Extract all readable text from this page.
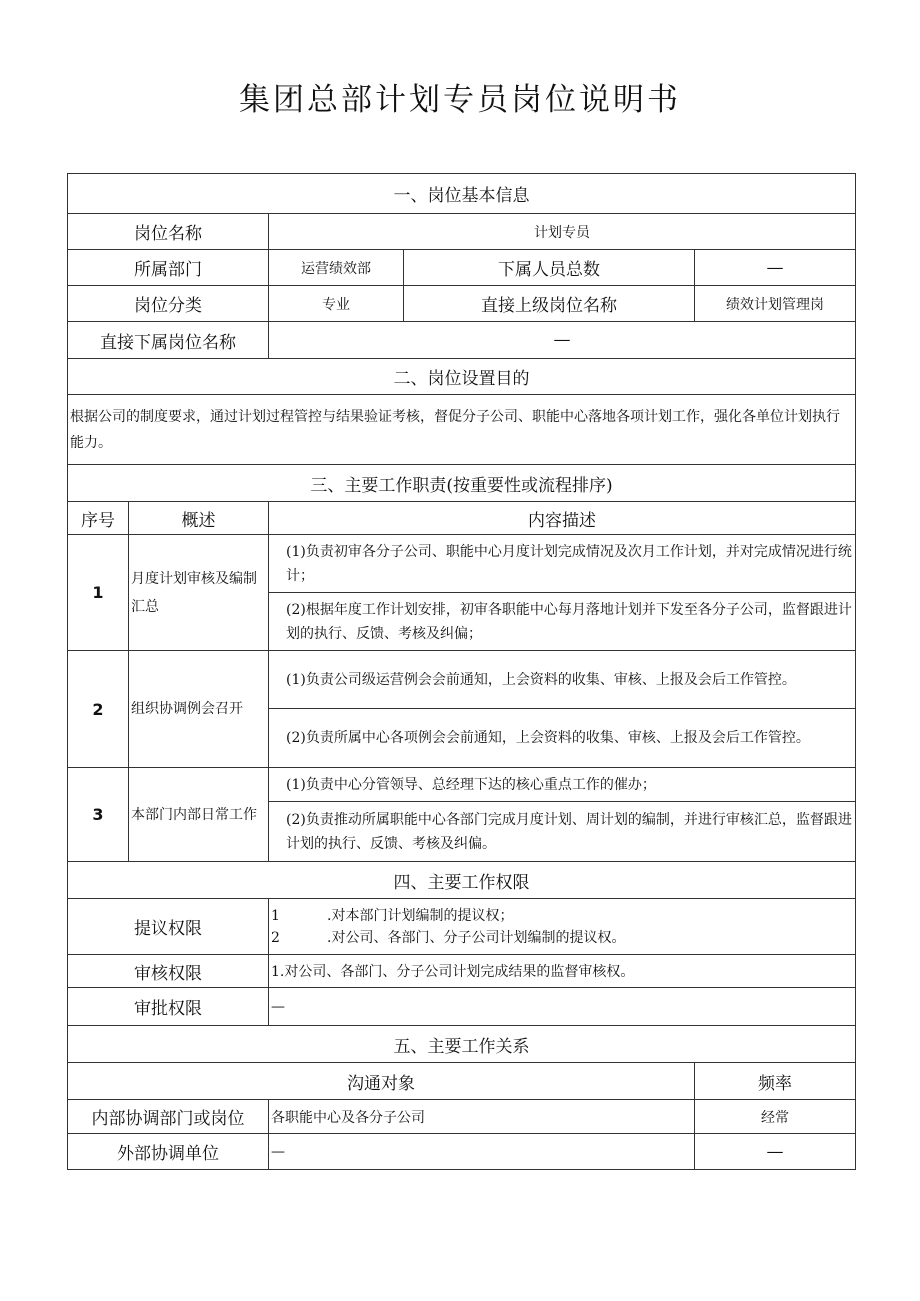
集团总部计划专员岗位说明书
一、岗位基本信息				
岗位名称		计划专员		
所属部门		运营绩效部	下属人员总数	—
岗位分类		专业	直接上级岗位名称	绩效计划管理岗
直接下属岗位名称		—		
二、岗位设置目的				
根据公司的制度要求，通过计划过程管控与结果验证考核，督促分子公司、职能中心落地各项计划工作，强化各单位计划执行能力。				
三、主要工作职责(按重要性或流程排序)				
序号	概述	内容描述		
1	月度计划审核及编制汇总	(1)负责初审各分子公司、职能中心月度计划完成情况及次月工作计划，并对完成情况进行统计；		
		(2)根据年度工作计划安排，初审各职能中心每月落地计划并下发至各分子公司，监督跟进计划的执行、反馈、考核及纠偏；		
2	组织协调例会召开	(1)负责公司级运营例会会前通知，上会资料的收集、审核、上报及会后工作管控。		
		(2)负责所属中心各项例会会前通知，上会资料的收集、审核、上报及会后工作管控。		
3	本部门内部日常工作	(1)负责中心分管领导、总经理下达的核心重点工作的催办；		
		(2)负责推动所属职能中心各部门完成月度计划、周计划的编制，并进行审核汇总，监督跟进计划的执行、反馈、考核及纠偏。		
四、主要工作权限				
提议权限		1 .对本部门计划编制的提议权；
2 .对公司、各部门、分子公司计划编制的提议权。		

审核权限		1.对公司、各部门、分子公司计划完成结果的监督审核权。		
审批权限		—		
五、主要工作关系				
沟通对象				频率
内部协调部门或岗位		各职能中心及各分子公司		经常
外部协调单位		—		—
